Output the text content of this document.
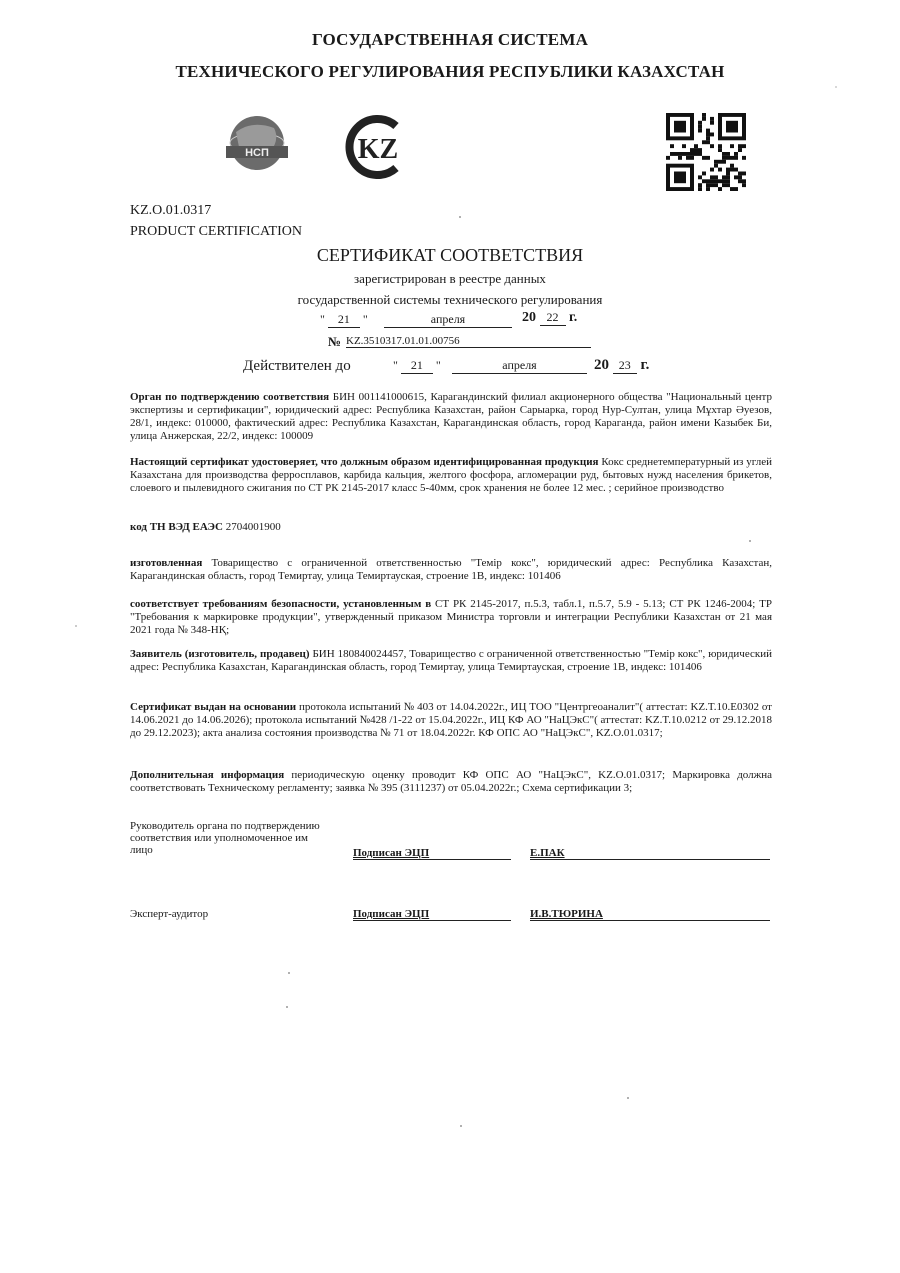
ГОСУДАРСТВЕННАЯ СИСТЕМА
ТЕХНИЧЕСКОГО РЕГУЛИРОВАНИЯ РЕСПУБЛИКИ КАЗАХСТАН
НСП	KZ
KZ.O.01.0317
PRODUCT CERTIFICATION
СЕРТИФИКАТ СООТВЕТСТВИЯ
зарегистрирован в реестре данных
государственной системы технического регулирования
" 21 "	апреля	20 22 г.
№ KZ.3510317.01.01.00756
Действителен до	" 21 "	апреля	20 23 г.
Орган по подтверждению соответствия БИН 001141000615, Карагандинский филиал акционерного общества "Национальный центр экспертизы и сертификации", юридический адрес: Республика Казахстан, район Сарыарка, город Нур-Султан, улица Мұхтар Әуезов, 28/1, индекс: 010000, фактический адрес: Республика Казахстан, Карагандинская область, город Караганда, район имени Казыбек Би, улица Анжерская, 22/2, индекс: 100009
Настоящий сертификат удостоверяет, что должным образом идентифицированная продукция Кокс среднетемпературный из углей Казахстана для производства ферросплавов, карбида кальция, желтого фосфора, агломерации руд, бытовых нужд населения брикетов, слоевого и пылевидного сжигания по СТ РК 2145-2017 класс 5-40мм, срок хранения не более 12 мес. ; серийное производство
код ТН ВЭД ЕАЭС 2704001900
изготовленная Товарищество с ограниченной ответственностью "Темір кокс", юридический адрес: Республика Казахстан, Карагандинская область, город Темиртау, улица Темиртауская, строение 1В, индекс: 101406
соответствует требованиям безопасности, установленным в СТ РК 2145-2017, п.5.3, табл.1, п.5.7, 5.9 - 5.13; СТ РК 1246-2004; ТР "Требования к маркировке продукции", утвержденный приказом Министра торговли и интеграции Республики Казахстан от 21 мая 2021 года № 348-НҚ;
Заявитель (изготовитель, продавец) БИН 180840024457, Товарищество с ограниченной ответственностью "Темір кокс", юридический адрес: Республика Казахстан, Карагандинская область, город Темиртау, улица Темиртауская, строение 1В, индекс: 101406
Сертификат выдан на основании протокола испытаний № 403 от 14.04.2022г., ИЦ ТОО "Центргеоаналит"( аттестат: KZ.T.10.E0302 от 14.06.2021 до 14.06.2026); протокола испытаний №428 /1-22 от 15.04.2022г., ИЦ КФ АО "НаЦЭкС"( аттестат: KZ.T.10.0212 от 29.12.2018 до 29.12.2023); акта анализа состояния производства № 71 от 18.04.2022г. КФ ОПС АО "НаЦЭкС", KZ.O.01.0317;
Дополнительная информация периодическую оценку проводит КФ ОПС АО "НаЦЭкС", KZ.O.01.0317; Маркировка должна соответствовать Техническому регламенту; заявка № 395 (3111237) от 05.04.2022г.; Схема сертификации 3;
Руководитель органа по подтверждению соответствия или уполномоченное им лицо	Подписан ЭЦП	Е.ПАК
Эксперт-аудитор	Подписан ЭЦП	И.В.ТЮРИНА
